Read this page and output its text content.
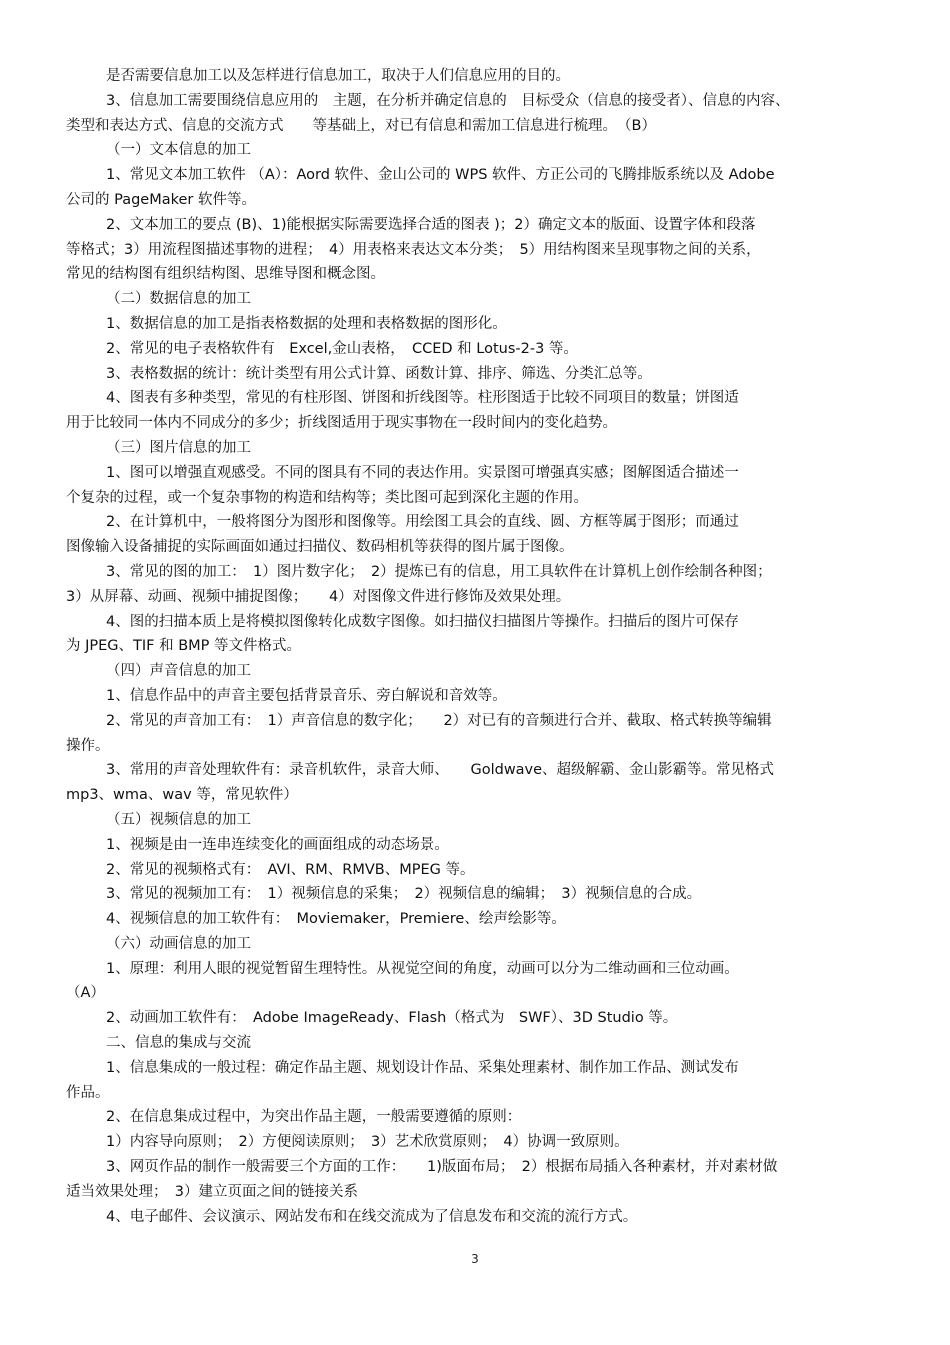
是否需要信息加工以及怎样进行信息加工，取决于人们信息应用的目的。

3、信息加工需要围绕信息应用的　主题，在分析并确定信息的　目标受众（信息的接受者）、信息的内容、

类型和表达方式、信息的交流方式　　等基础上，对已有信息和需加工信息进行梳理。　（B）

（一）文本信息的加工

1、常见文本加工软件 （A）：Aord 软件、金山公司的 WPS 软件、方正公司的飞腾排版系统以及 Adobe

公司的 PageMaker 软件等。

2、文本加工的要点 (B)、1)能根据实际需要选择合适的图表 )；2）确定文本的版面、设置字体和段落

等格式；3）用流程图描述事物的进程；　4）用表格来表达文本分类；　5）用结构图来呈现事物之间的关系，

常见的结构图有组织结构图、思维导图和概念图。

（二）数据信息的加工

1、数据信息的加工是指表格数据的处理和表格数据的图形化。

2、常见的电子表格软件有　Excel,金山表格，　CCED 和 Lotus-2-3 等。

3、表格数据的统计：统计类型有用公式计算、函数计算、排序、筛选、分类汇总等。

4、图表有多种类型，常见的有柱形图、饼图和折线图等。柱形图适于比较不同项目的数量；饼图适

用于比较同一体内不同成分的多少；折线图适用于现实事物在一段时间内的变化趋势。

（三）图片信息的加工

1、图可以增强直观感受。不同的图具有不同的表达作用。实景图可增强真实感；图解图适合描述一

个复杂的过程，或一个复杂事物的构造和结构等；类比图可起到深化主题的作用。

2、在计算机中，一般将图分为图形和图像等。用绘图工具会的直线、圆、方框等属于图形；而通过

图像输入设备捕捉的实际画面如通过扫描仪、数码相机等获得的图片属于图像。

3、常见的图的加工：　1）图片数字化；　2）提炼已有的信息，用工具软件在计算机上创作绘制各种图；

3）从屏幕、动画、视频中捕捉图像；　　4）对图像文件进行修饰及效果处理。

4、图的扫描本质上是将模拟图像转化成数字图像。如扫描仪扫描图片等操作。扫描后的图片可保存

为 JPEG、TIF 和 BMP 等文件格式。

（四）声音信息的加工

1、信息作品中的声音主要包括背景音乐、旁白解说和音效等。

2、常见的声音加工有：　1）声音信息的数字化；　　2）对已有的音频进行合并、截取、格式转换等编辑

操作。

3、常用的声音处理软件有：录音机软件，录音大师、　　Goldwave、超级解霸、金山影霸等。常见格式

mp3、wma、wav 等，常见软件）

（五）视频信息的加工

1、视频是由一连串连续变化的画面组成的动态场景。

2、常见的视频格式有：　AVI、RM、RMVB、MPEG 等。

3、常见的视频加工有：　1）视频信息的采集；　2）视频信息的编辑；　3）视频信息的合成。

4、视频信息的加工软件有：　Moviemaker，Premiere、绘声绘影等。

（六）动画信息的加工

1、原理：利用人眼的视觉暂留生理特性。从视觉空间的角度，动画可以分为二维动画和三位动画。

（A）

2、动画加工软件有：　Adobe ImageReady、Flash（格式为　SWF）、3D Studio 等。

二、信息的集成与交流

1、信息集成的一般过程：确定作品主题、规划设计作品、采集处理素材、制作加工作品、测试发布

作品。

2、在信息集成过程中，为突出作品主题，一般需要遵循的原则：

1）内容导向原则；　2）方便阅读原则；　3）艺术欣赏原则；　4）协调一致原则。

3、网页作品的制作一般需要三个方面的工作：　　1)版面布局；　2）根据布局插入各种素材，并对素材做

适当效果处理；　3）建立页面之间的链接关系

4、电子邮件、会议演示、网站发布和在线交流成为了信息发布和交流的流行方式。

3
